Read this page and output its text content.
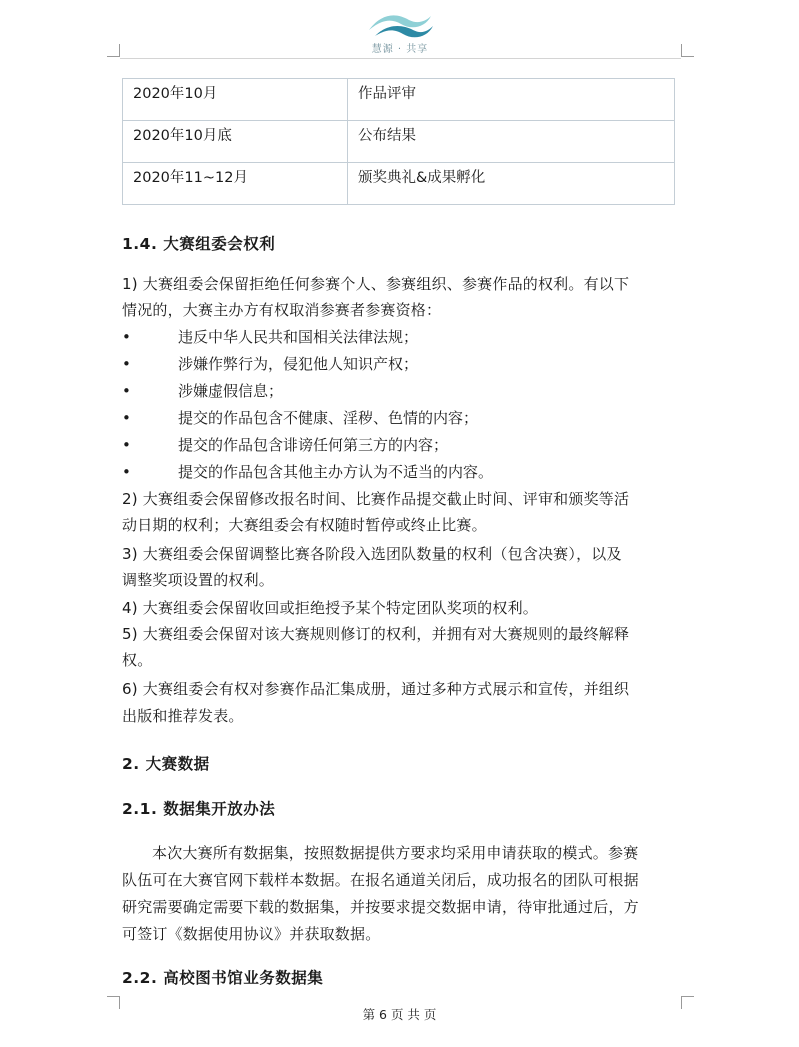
慧源 · 共享
2020年10月	作品评审
2020年10月底	公布结果
2020年11~12月	颁奖典礼&成果孵化
1.4. 大赛组委会权利
1) 大赛组委会保留拒绝任何参赛个人、参赛组织、参赛作品的权利。有以下
情况的，大赛主办方有权取消参赛者参赛资格：
•	违反中华人民共和国相关法律法规；
•	涉嫌作弊行为，侵犯他人知识产权；
•	涉嫌虚假信息；
•	提交的作品包含不健康、淫秽、色情的内容；
•	提交的作品包含诽谤任何第三方的内容；
•	提交的作品包含其他主办方认为不适当的内容。
2) 大赛组委会保留修改报名时间、比赛作品提交截止时间、评审和颁奖等活
动日期的权利；大赛组委会有权随时暂停或终止比赛。
3) 大赛组委会保留调整比赛各阶段入选团队数量的权利（包含决赛），以及
调整奖项设置的权利。
4) 大赛组委会保留收回或拒绝授予某个特定团队奖项的权利。
5) 大赛组委会保留对该大赛规则修订的权利，并拥有对大赛规则的最终解释
权。
6) 大赛组委会有权对参赛作品汇集成册，通过多种方式展示和宣传，并组织
出版和推荐发表。
2. 大赛数据
2.1. 数据集开放办法
本次大赛所有数据集，按照数据提供方要求均采用申请获取的模式。参赛
队伍可在大赛官网下载样本数据。在报名通道关闭后，成功报名的团队可根据
研究需要确定需要下载的数据集，并按要求提交数据申请，待审批通过后，方
可签订《数据使用协议》并获取数据。
2.2. 高校图书馆业务数据集
第 6 页 共 页
